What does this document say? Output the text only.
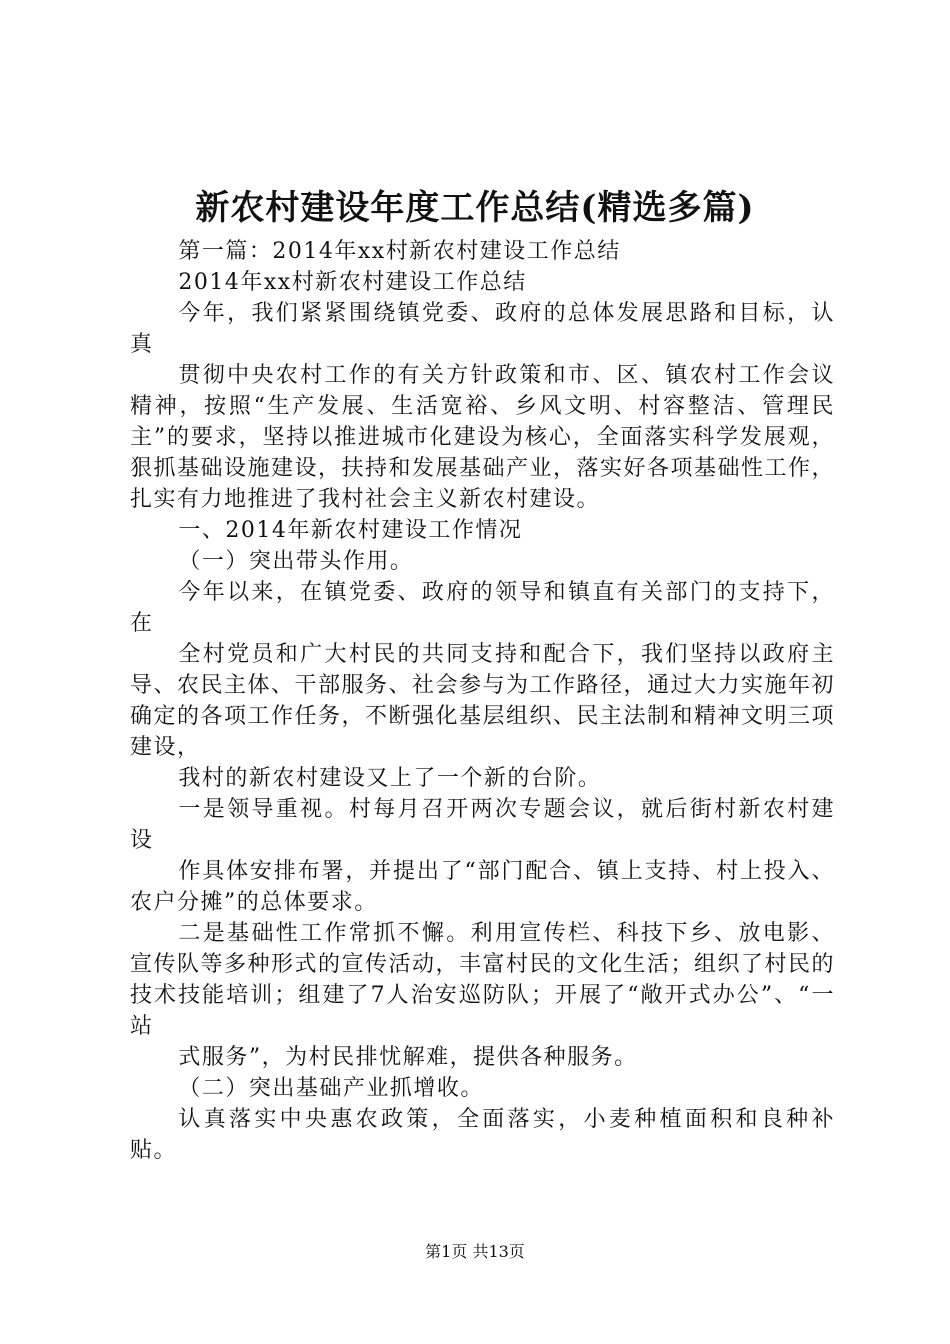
新农村建设年度工作总结(精选多篇)

第一篇：2014年xx村新农村建设工作总结

2014年xx村新农村建设工作总结

今年，我们紧紧围绕镇党委、政府的总体发展思路和目标，认真

贯彻中央农村工作的有关方针政策和市、区、镇农村工作会议精神，按照“生产发展、生活宽裕、乡风文明、村容整洁、管理民主”的要求，坚持以推进城市化建设为核心，全面落实科学发展观，狠抓基础设施建设，扶持和发展基础产业，落实好各项基础性工作，扎实有力地推进了我村社会主义新农村建设。

一、2014年新农村建设工作情况

（一）突出带头作用。

今年以来，在镇党委、政府的领导和镇直有关部门的支持下，在

全村党员和广大村民的共同支持和配合下，我们坚持以政府主导、农民主体、干部服务、社会参与为工作路径，通过大力实施年初确定的各项工作任务，不断强化基层组织、民主法制和精神文明三项建设，

我村的新农村建设又上了一个新的台阶。

一是领导重视。村每月召开两次专题会议，就后街村新农村建设

作具体安排布署，并提出了“部门配合、镇上支持、村上投入、农户分摊”的总体要求。

二是基础性工作常抓不懈。利用宣传栏、科技下乡、放电影、宣传队等多种形式的宣传活动，丰富村民的文化生活；组织了村民的技术技能培训；组建了7人治安巡防队；开展了“敞开式办公”、“一站

式服务”，为村民排忧解难，提供各种服务。

（二）突出基础产业抓增收。

认真落实中央惠农政策，全面落实，小麦种植面积和良种补贴。

第1页 共13页
